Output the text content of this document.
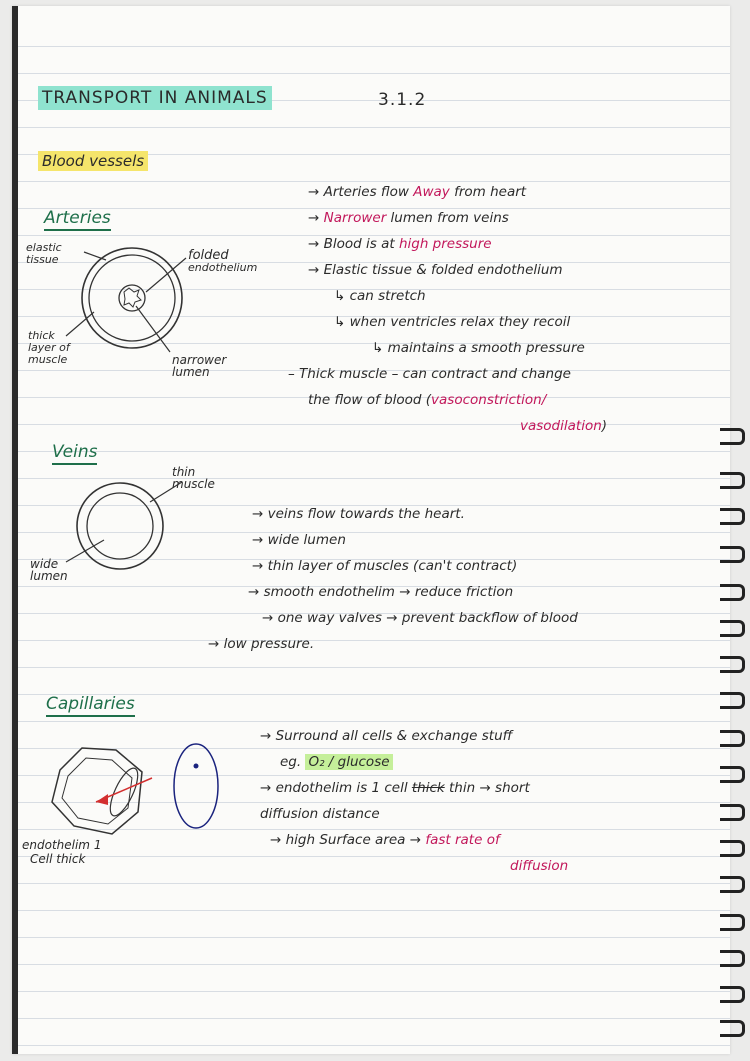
TRANSPORT IN ANIMALS	3.1.2
Blood vessels
Arteries
elastic
tissue	folded
endothelium
thick
layer of
muscle	narrower
lumen
→ Arteries flow Away from heart
→ Narrower lumen from veins
→ Blood is at high pressure
→ Elastic tissue & folded endothelium
↳ can stretch
↳ when ventricles relax they recoil
↳ maintains a smooth pressure
– Thick muscle – can contract and change
the flow of blood (vasoconstriction/
vasodilation)
Veins
thin
muscle
wide
lumen
→ veins flow towards the heart.
→ wide lumen
→ thin layer of muscles (can't contract)
→ smooth endothelim → reduce friction
→ one way valves → prevent backflow of blood
→ low pressure.
Capillaries
endothelim 1
Cell thick
→ Surround all cells & exchange stuff
eg. O₂ / glucose
→ endothelim is 1 cell thick thin → short
diffusion distance
→ high Surface area → fast rate of
diffusion
